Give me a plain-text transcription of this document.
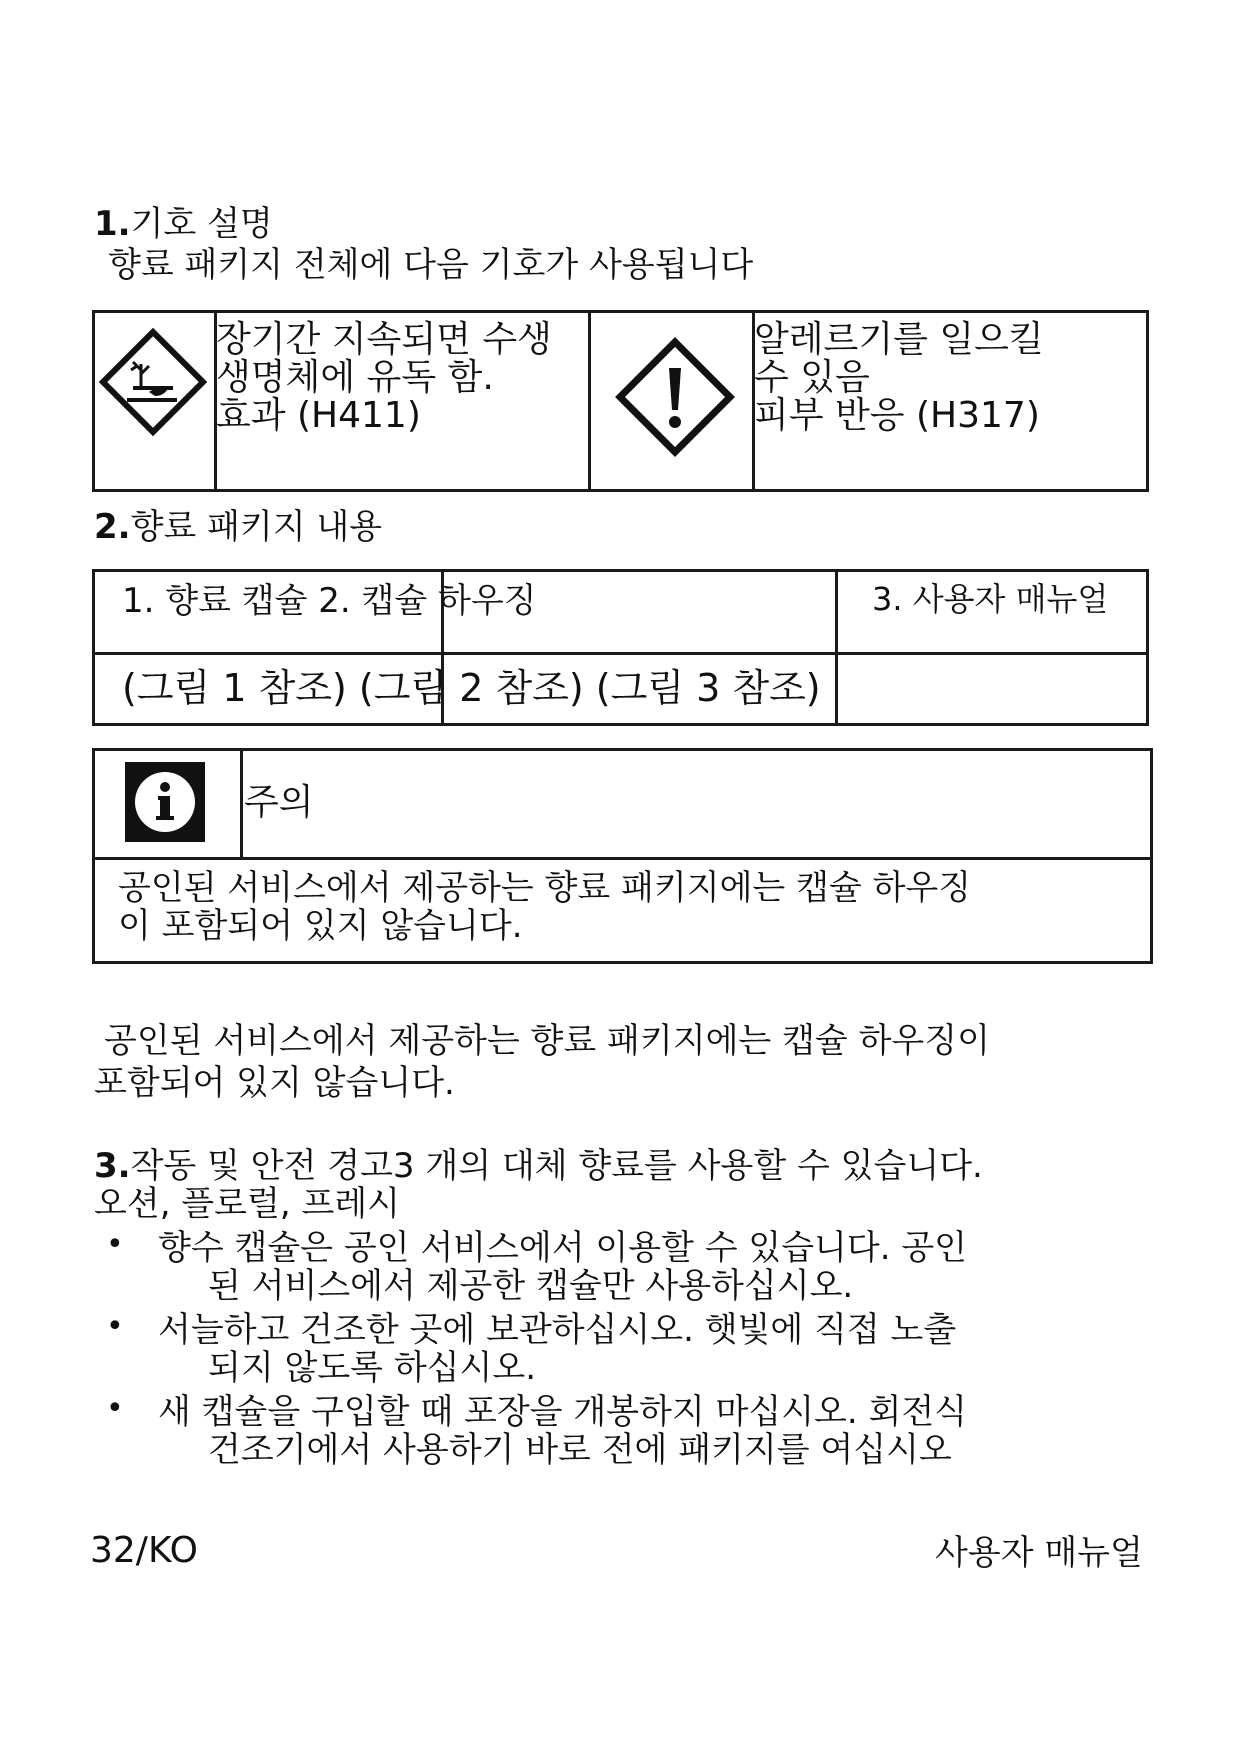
1.기호 설명
향료 패키지 전체에 다음 기호가 사용됩니다
장기간 지속되면 수생
생명체에 유독 함.
효과 (H411)
알레르기를 일으킬
수 있음
피부 반응 (H317)
2.향료 패키지 내용
1. 향료 캡슐 2. 캡슐 하우징	3. 사용자 매뉴얼
(그림 1 참조) (그림 2 참조) (그림 3 참조)
주의
공인된 서비스에서 제공하는 향료 패키지에는 캡슐 하우징
이 포함되어 있지 않습니다.
공인된 서비스에서 제공하는 향료 패키지에는 캡슐 하우징이
포함되어 있지 않습니다.
3.작동 및 안전 경고3 개의 대체 향료를 사용할 수 있습니다.
오션, 플로럴, 프레시
• 향수 캡슐은 공인 서비스에서 이용할 수 있습니다. 공인
된 서비스에서 제공한 캡슐만 사용하십시오.
• 서늘하고 건조한 곳에 보관하십시오. 햇빛에 직접 노출
되지 않도록 하십시오.
• 새 캡슐을 구입할 때 포장을 개봉하지 마십시오. 회전식
건조기에서 사용하기 바로 전에 패키지를 여십시오
32/KO	사용자 매뉴얼
